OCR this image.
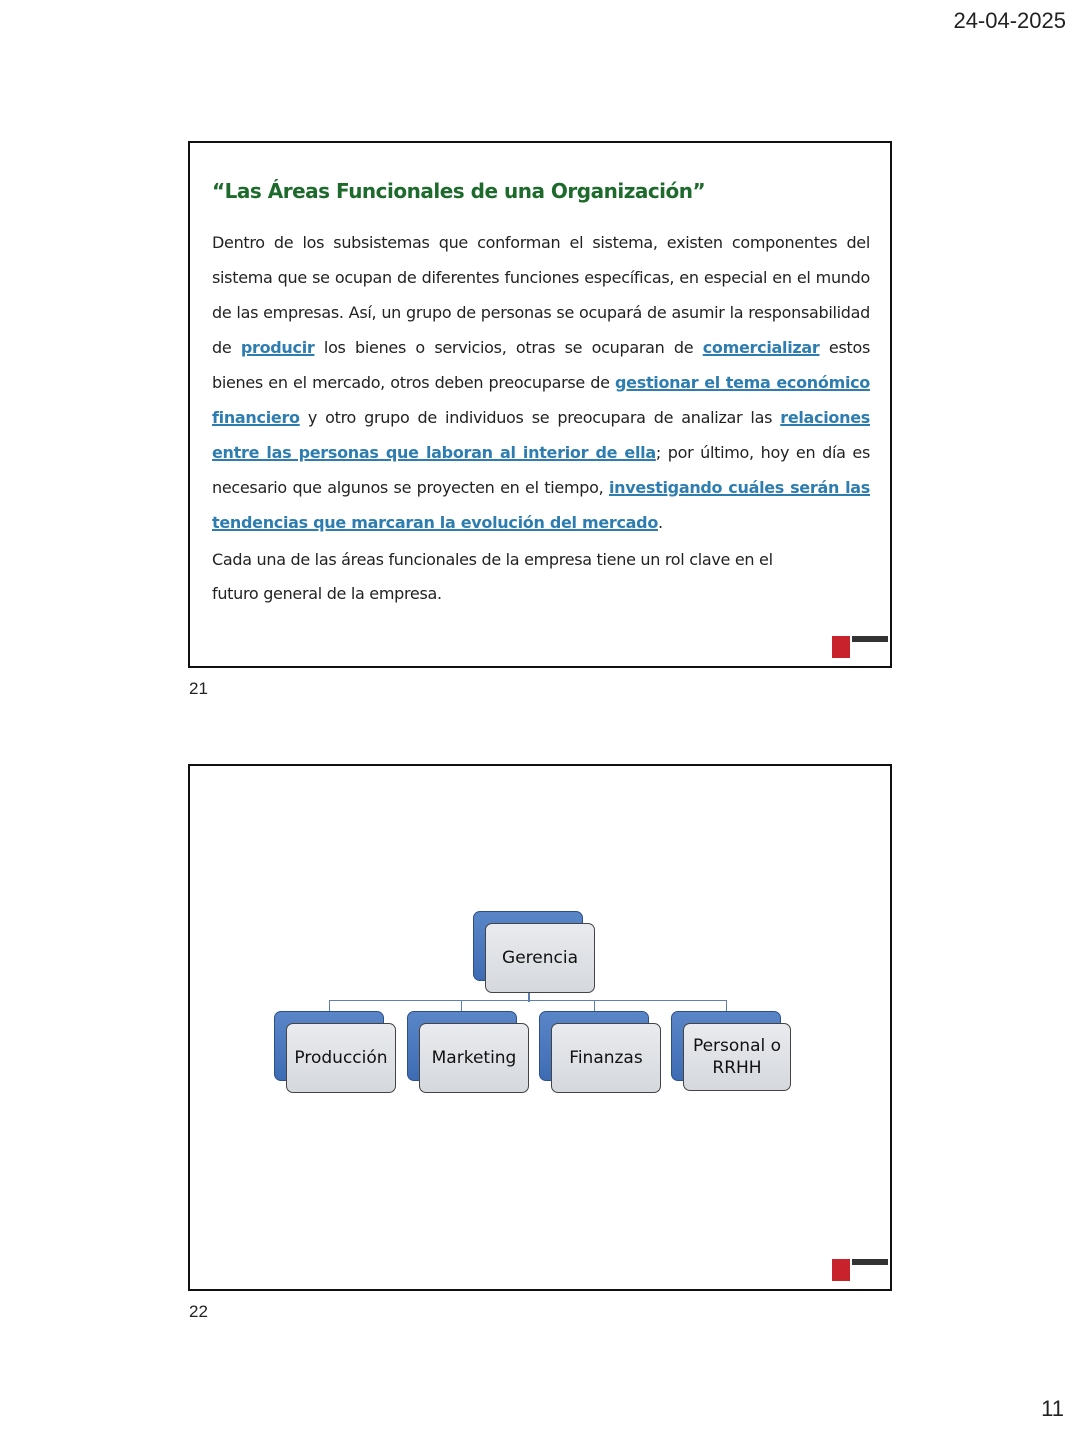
24-04-2025
“Las Áreas Funcionales de una Organización”
Dentro de los subsistemas que conforman el sistema, existen componentes del sistema que se ocupan de diferentes funciones específicas, en especial en el mundo de las empresas. Así, un grupo de personas se ocupará de asumir la responsabilidad de producir los bienes o servicios, otras se ocuparan de comercializar estos bienes en el mercado, otros deben preocuparse de gestionar el tema económico financiero y otro grupo de individuos se preocupara de analizar las relaciones entre las personas que laboran al interior de ella; por último, hoy en día es necesario que algunos se proyecten en el tiempo, investigando cuáles serán las tendencias que marcaran la evolución del mercado.
Cada una de las áreas funcionales de la empresa tiene un rol clave en el futuro general de la empresa.
21
Gerencia
Producción	Marketing	Finanzas
Personal o RRHH
22
11
